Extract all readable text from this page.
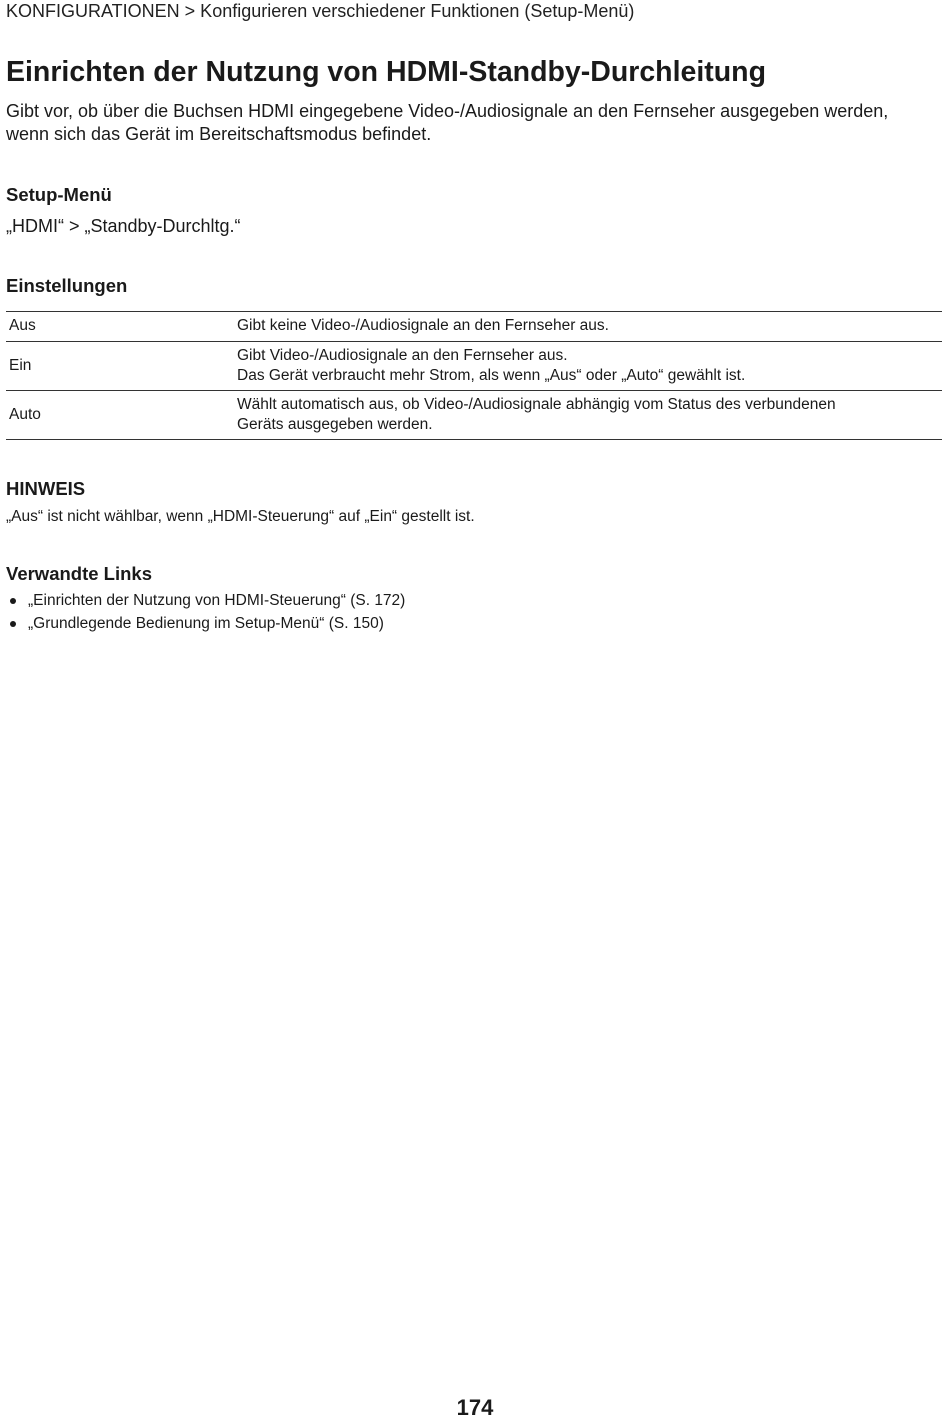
KONFIGURATIONEN > Konfigurieren verschiedener Funktionen (Setup-Menü)
Einrichten der Nutzung von HDMI-Standby-Durchleitung

Gibt vor, ob über die Buchsen HDMI eingegebene Video-/Audiosignale an den Fernseher ausgegeben werden,
wenn sich das Gerät im Bereitschaftsmodus befindet.

Setup-Menü
„HDMI“ > „Standby-Durchltg.“
Einstellungen
Aus	Gibt keine Video-/Audiosignale an den Fernseher aus.

Ein	Gibt Video-/Audiosignale an den Fernseher aus.
Das Gerät verbraucht mehr Strom, als wenn „Aus“ oder „Auto“ gewählt ist.

Auto	Wählt automatisch aus, ob Video-/Audiosignale abhängig vom Status des verbundenen
Geräts ausgegeben werden.
HINWEIS
„Aus“ ist nicht wählbar, wenn „HDMI-Steuerung“ auf „Ein“ gestellt ist.
Verwandte Links
„Einrichten der Nutzung von HDMI-Steuerung“ (S. 172)
„Grundlegende Bedienung im Setup-Menü“ (S. 150)
174
